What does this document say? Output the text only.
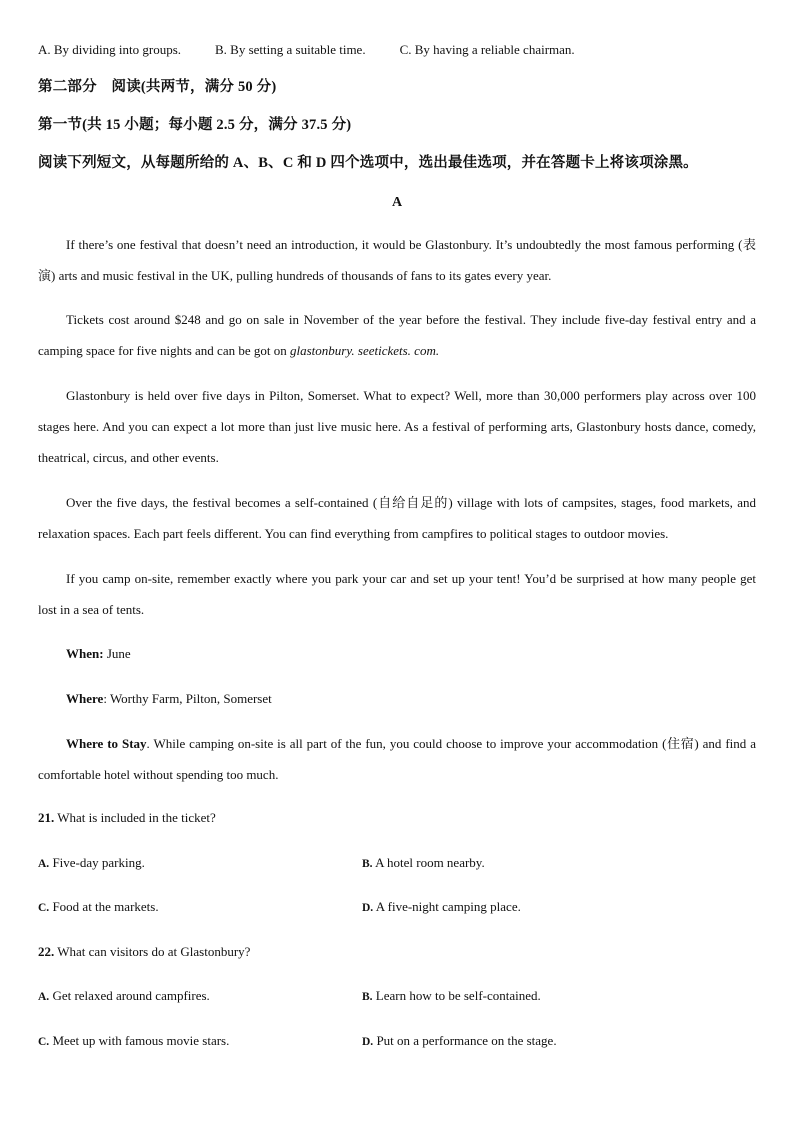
A. By dividing into groups.	B. By setting a suitable time.	C. By having a reliable chairman.
第二部分　阅读(共两节，满分 50 分)
第一节(共 15 小题；每小题 2.5 分，满分 37.5 分)
阅读下列短文，从每题所给的 A、B、C 和 D 四个选项中，选出最佳选项，并在答题卡上将该项涂黑。
A
If there’s one festival that doesn’t need an introduction, it would be Glastonbury. It’s undoubtedly the most famous performing (表演) arts and music festival in the UK, pulling hundreds of thousands of fans to its gates every year.
Tickets cost around $248 and go on sale in November of the year before the festival. They include five-day festival entry and a camping space for five nights and can be got on glastonbury. seetickets. com.
Glastonbury is held over five days in Pilton, Somerset. What to expect? Well, more than 30,000 performers play across over 100 stages here. And you can expect a lot more than just live music here. As a festival of performing arts, Glastonbury hosts dance, comedy, theatrical, circus, and other events.
Over the five days, the festival becomes a self-contained (自给自足的) village with lots of campsites, stages, food markets, and relaxation spaces. Each part feels different. You can find everything from campfires to political stages to outdoor movies.
If you camp on-site, remember exactly where you park your car and set up your tent! You’d be surprised at how many people get lost in a sea of tents.
When: June
Where: Worthy Farm, Pilton, Somerset
Where to Stay. While camping on-site is all part of the fun, you could choose to improve your accommodation (住宿) and find a comfortable hotel without spending too much.
21. What is included in the ticket?
A. Five-day parking.	B. A hotel room nearby.
C. Food at the markets.	D. A five-night camping place.
22. What can visitors do at Glastonbury?
A. Get relaxed around campfires.	B. Learn how to be self-contained.
C. Meet up with famous movie stars.	D. Put on a performance on the stage.
